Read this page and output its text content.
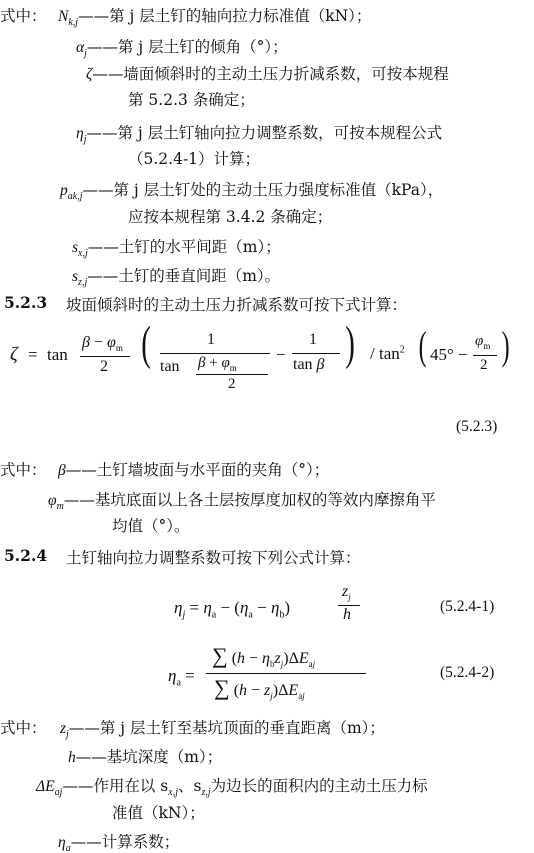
式中： $N_{k,j}——$第 j 层土钉的轴向拉力标准值（kN）；
$\alpha_j——$第 j 层土钉的倾角（°）；
ζ——墙面倾斜时的主动土压力折减系数，可按本规程
第 5.2.3 条确定；
$\eta_j——$第 j 层土钉轴向拉力调整系数，可按本规程公式
（5.2.4-1）计算；
$p_{ak,j}——$第 j 层土钉处的主动土压力强度标准值（kPa），
应按本规程第 3.4.2 条确定；
$s_{x,j}——$土钉的水平间距（m）；
$s_{z,j}——$土钉的垂直间距（m）。
5.2.3 坡面倾斜时的主动土压力折减系数可按下式计算：
ζ = tan
$\beta - \varphi_m$
2 (	1
$\tan \beta + \varphi_m$
2
−
1
tan β ) / $\tan^2$ ( 45° −
$\varphi_m$
2 )
(5.2.3)
式中： β——土钉墙坡面与水平面的夹角（°）；
$\varphi_m——$基坑底面以上各土层按厚度加权的等效内摩擦角平
均值（°）。
5.2.4 土钉轴向拉力调整系数可按下列公式计算：
$\eta_j = \eta_a - (\eta_a - \eta_b)$
$z_j$
h	(5.2.4-1)
$\eta_a$ =
∑ $(h - \eta_bz_j)\Delta E_{aj}$
∑ $(h - z_j)\Delta E_{aj}$
(5.2.4-2)
式中： $z_j——$第 j 层土钉至基坑顶面的垂直距离（m）；
h——基坑深度（m）；
$\Delta E_{aj}——$作用在以 $s_{x,j}$、$s_{z,j}$为边长的面积内的主动土压力标
准值（kN）；
$\eta_a——$计算系数；
